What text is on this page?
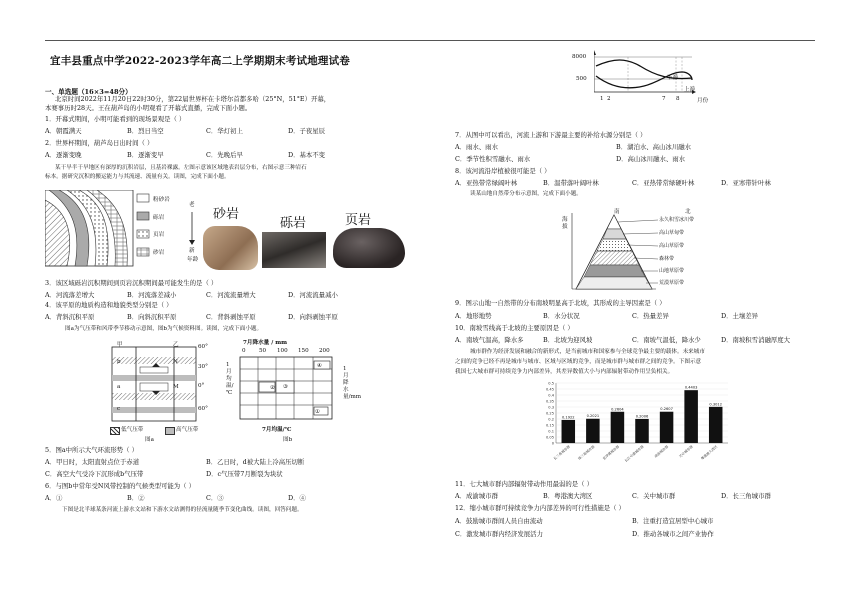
宜丰县重点中学2022-2023学年高二上学期期末考试地理试卷
一、单选题（16×3=48分）
北京时间2022年11月20日22时30分，第22届世界杯在卡塔尔首都多哈（25°N，51°E）开幕，
本赛事历时28天。王在葫芦岛的小明观看了开幕式直播，完成下面小题。
1．开幕式期间，小明可能看到的现场景观是（ ）
A．朝霞满天	B．烈日当空	C．华灯初上	D．子夜星辰
2．世界杯期间，葫芦岛日出时间（ ）
A．逐渐变晚	B．逐渐变早	C．先晚后早	D．基本不变
某干旱半干旱地区有深厚的沉积岩层，且基岩裸露。左图示意该区域地表岩层分布，右图示意三种岩石
标本。据研究沉积的搬运能力与其流速、流量有关。读图，完成下面小题。
粉砂岩
砾岩
页岩
砂岩
老
新
年龄
砂岩
砾岩	页岩
3．该区域砾岩沉积期间到页岩沉积期间最可能发生的是（ ）
A．河流落差增大	B．河流落差减小	C．河流流量增大	D．河流流量减小
4．该平原的地质构造和地貌类型分别是（ ）
A．背斜沉积平原	B．向斜沉积平原	C．背斜剥蚀平原	D．向斜剥蚀平原
图a为气压带和风带季节移动示意图，图b为气候资料图。读图，完成下面小题。
甲	乙
b	N
M
a
c
60°
30°
0°
60°
低气压带	高气压带
图a
7月降水量 / mm
0 50 100 150 200
② ③
④
①
1月均温/℃
1月降水量/mm
7月均温/℃
图b
5．图a中所示大气环流形势（ ）
A．甲日时，太阳直射点位于赤道	B．乙日时，d被大陆上冷高压切断
C．高空大气受冷下沉形成b气压带	D．c气压带7月断裂为块状
6．与图b中常年受N风带控制的气候类型可能为（ ）
A．①	B．②	C．③	D．④
下图是北半球某条河流上游水文站和下游水文站测得的径流量随季节变化曲线。读图，回答问题。
8000
500	下游
上游
1 2	7 8	月份
7．从图中可以看出，河流上游和下游最主要的补给水源分别是（ ）
A．雨水、雨水	B．湖泊水、高山冰川融水
C．季节性积雪融水、雨水	D．高山冰川融水、雨水
8．该河流沿岸植被很可能是（ ）
A．亚热带常绿阔叶林	B．温带落叶阔叶林	C．亚热带常绿硬叶林	D．亚寒带针叶林
读某山地自然带分布示意图，完成下面小题。
南	北
海拔
永久积雪冰川带
高山草甸带
高山草原带
森林带
山地草原带
荒漠草原带
9．图示山地一自然带的分布南坡明显高于北坡，其形成的主导因素是（ ）
A．地形地势	B．水分状况	C．热量差异	D．土壤差异
10．南坡雪线高于北坡的主要原因是（ ）
A．南坡气温高，降水多	B．北坡为迎风坡	C．南坡气温低，降水少	D．南坡积雪消融厚度大
城市群作为经济发展和融合的新形式，是当前城市和国家参与全球竞争最主要的载体。未来城市
之间的竞争已经不再是城市与城市、区域与区域的竞争，而是城市群与城市群之间的竞争。下图示意
我国七大城市群可持续竞争力内部差异，其差异数值大小与内部辐射带动作用呈负相关。
0
0.05
0.1
0.15
0.2
0.25
0.3
0.35
0.4
0.45
0.5
0.1922
长三角城市群
0.2021
珠三角城市群
0.2604
京津冀城市群
0.2006
长江中游城市群
0.2607
成渝城市群
0.4403
关中城市群
0.3012
粤港澳大湾区
11．七大城市群内部辐射带动作用最弱的是（ ）
A．成渝城市群	B．粤港澳大湾区	C．关中城市群	D．长三角城市群
12．缩小城市群可持续竞争力内部差异的可行性措施是（ ）
A．鼓励城市群间人员自由流动	B．注重打造宜居型中心城市
C．激发城市群内经济发展活力	D．推动各城市之间产业协作
